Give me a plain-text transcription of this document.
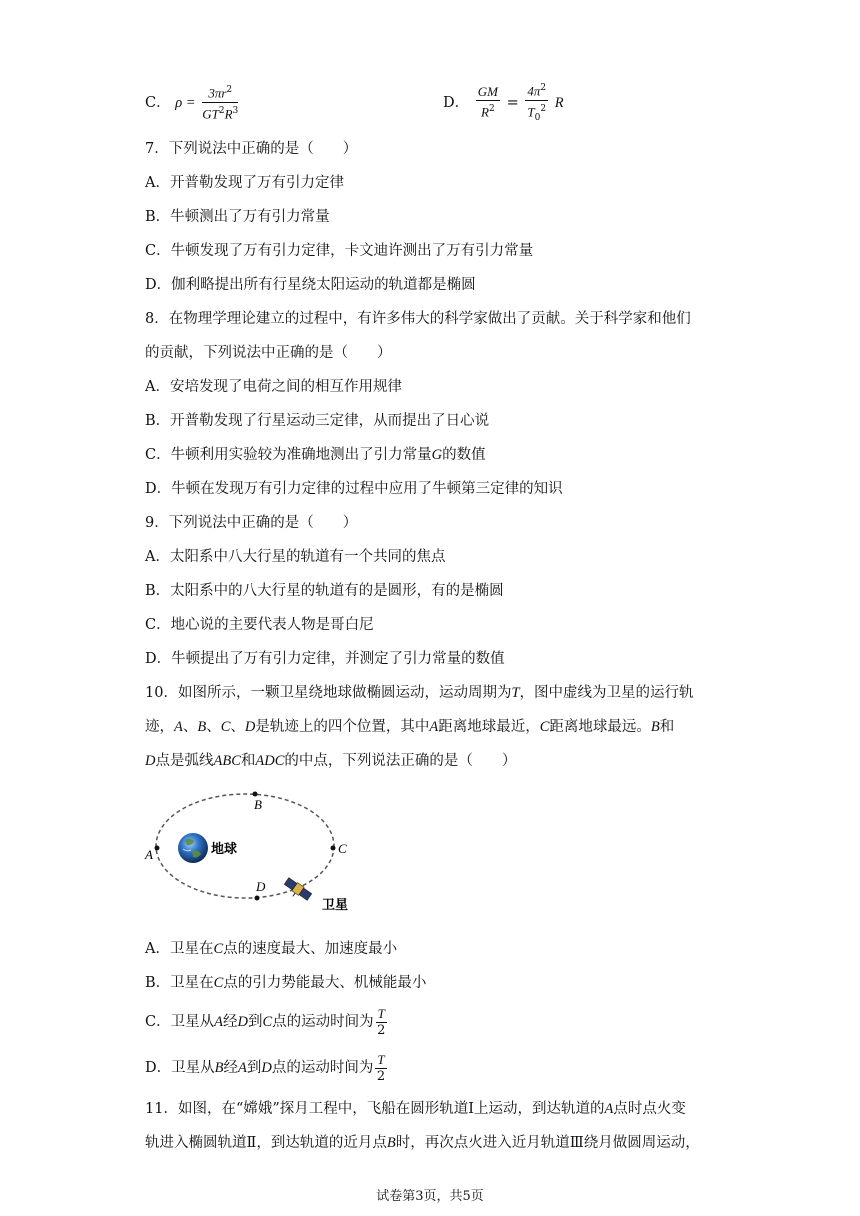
C． $\rho = \frac{3\pi r^2}{GT^2R^3}$	D． $\frac{GM}{R^2} = \frac{4\pi^2}{T_0^2}$ R
7．下列说法中正确的是（　　）
A．开普勒发现了万有引力定律
B．牛顿测出了万有引力常量
C．牛顿发现了万有引力定律，卡文迪许测出了万有引力常量
D．伽利略提出所有行星绕太阳运动的轨道都是椭圆
8．在物理学理论建立的过程中，有许多伟大的科学家做出了贡献。关于科学家和他们
的贡献，下列说法中正确的是（　　）
A．安培发现了电荷之间的相互作用规律
B．开普勒发现了行星运动三定律，从而提出了日心说
C．牛顿利用实验较为准确地测出了引力常量G的数值
D．牛顿在发现万有引力定律的过程中应用了牛顿第三定律的知识
9．下列说法中正确的是（　　）
A．太阳系中八大行星的轨道有一个共同的焦点
B．太阳系中的八大行星的轨道有的是圆形，有的是椭圆
C．地心说的主要代表人物是哥白尼
D．牛顿提出了万有引力定律，并测定了引力常量的数值
10．如图所示，一颗卫星绕地球做椭圆运动，运动周期为T，图中虚线为卫星的运行轨
迹，A、B、C、D是轨迹上的四个位置，其中A距离地球最近，C距离地球最远。B和
D点是弧线ABC和ADC的中点，下列说法正确的是（　　）
A
B
C
D
地球
卫星
A．卫星在C点的速度最大、加速度最小
B．卫星在C点的引力势能最大、机械能最小
C．卫星从A经D到C点的运动时间为 $\frac{T}{2}$
D．卫星从B经A到D点的运动时间为 $\frac{T}{2}$
11．如图，在“嫦娥”探月工程中，飞船在圆形轨道Ⅰ上运动，到达轨道的A点时点火变
轨进入椭圆轨道Ⅱ，到达轨道的近月点B时，再次点火进入近月轨道Ⅲ绕月做圆周运动，
试卷第3页，共5页
